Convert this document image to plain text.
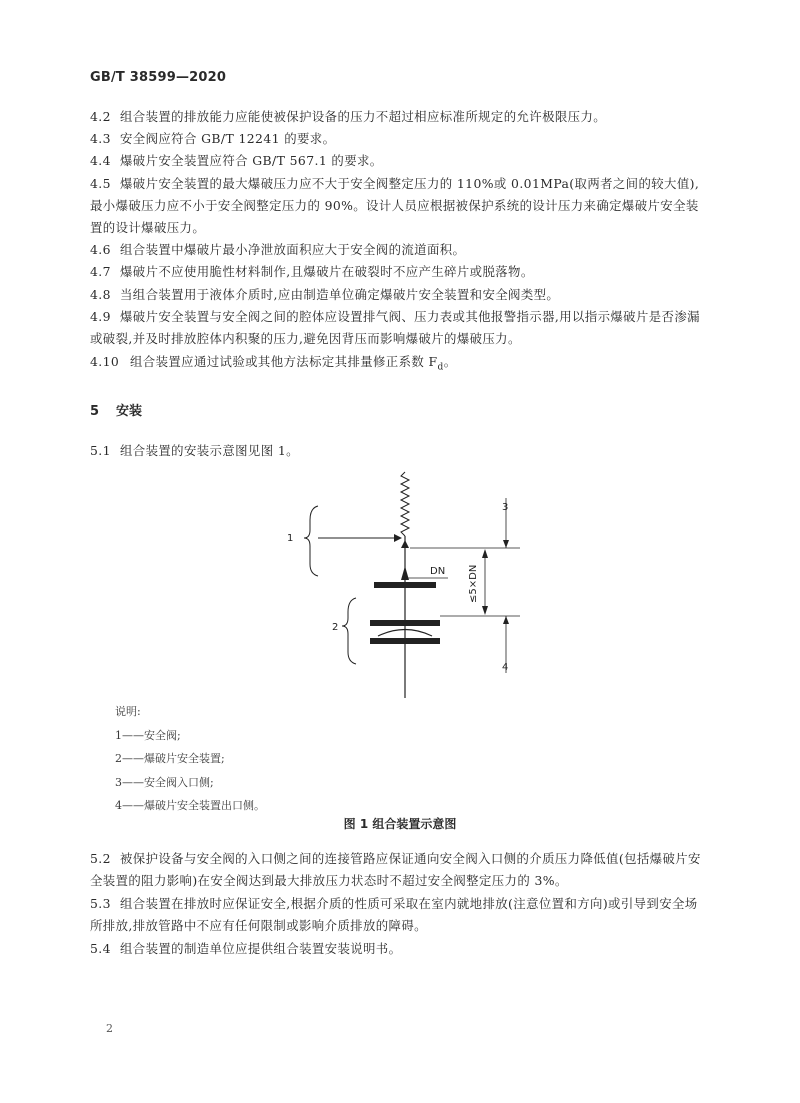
GB/T 38599—2020
4.2 组合装置的排放能力应能使被保护设备的压力不超过相应标准所规定的允许极限压力。
4.3 安全阀应符合 GB/T 12241 的要求。
4.4 爆破片安全装置应符合 GB/T 567.1 的要求。
4.5 爆破片安全装置的最大爆破压力应不大于安全阀整定压力的 110%或 0.01MPa(取两者之间的较大值),最小爆破压力应不小于安全阀整定压力的 90%。设计人员应根据被保护系统的设计压力来确定爆破片安全装置的设计爆破压力。
4.6 组合装置中爆破片最小净泄放面积应大于安全阀的流道面积。
4.7 爆破片不应使用脆性材料制作,且爆破片在破裂时不应产生碎片或脱落物。
4.8 当组合装置用于液体介质时,应由制造单位确定爆破片安全装置和安全阀类型。
4.9 爆破片安全装置与安全阀之间的腔体应设置排气阀、压力表或其他报警指示器,用以指示爆破片是否渗漏或破裂,并及时排放腔体内积聚的压力,避免因背压而影响爆破片的爆破压力。
4.10 组合装置应通过试验或其他方法标定其排量修正系数 $F_d$。
5 安装
5.1 组合装置的安装示意图见图 1。
1
2
DN ≤5×DN
3
4
说明:
1——安全阀;
2——爆破片安全装置;
3——安全阀入口侧;
4——爆破片安全装置出口侧。
图 1 组合装置示意图
5.2 被保护设备与安全阀的入口侧之间的连接管路应保证通向安全阀入口侧的介质压力降低值(包括爆破片安全装置的阻力影响)在安全阀达到最大排放压力状态时不超过安全阀整定压力的 3%。
5.3 组合装置在排放时应保证安全,根据介质的性质可采取在室内就地排放(注意位置和方向)或引导到安全场所排放,排放管路中不应有任何限制或影响介质排放的障碍。
5.4 组合装置的制造单位应提供组合装置安装说明书。
2
